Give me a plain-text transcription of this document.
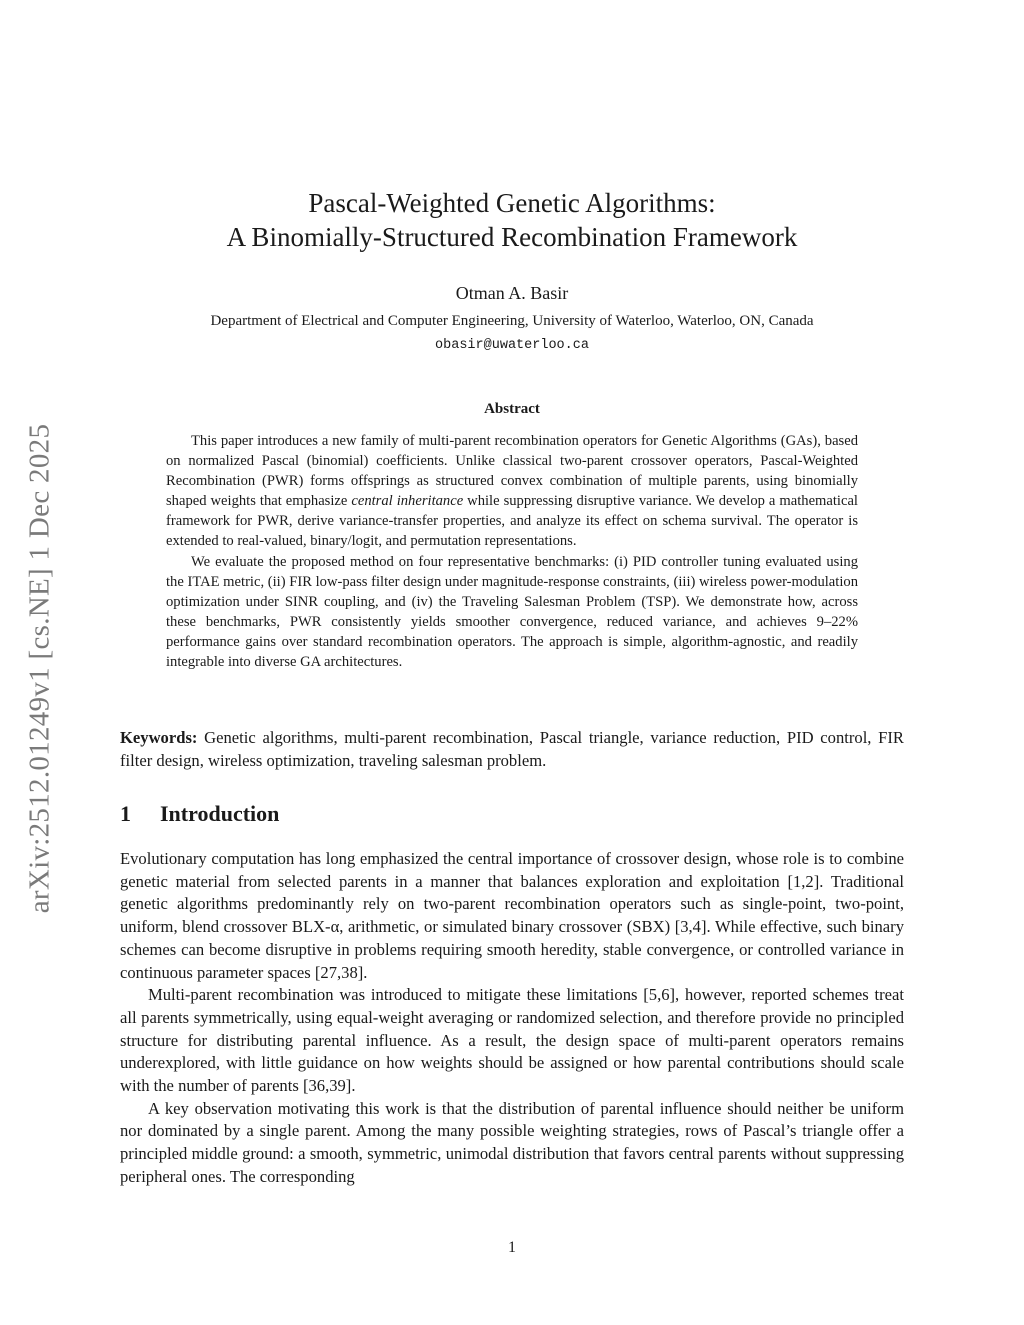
arXiv:2512.01249v1 [cs.NE] 1 Dec 2025
Pascal-Weighted Genetic Algorithms:
A Binomially-Structured Recombination Framework
Otman A. Basir
Department of Electrical and Computer Engineering, University of Waterloo, Waterloo, ON, Canada
obasir@uwaterloo.ca
Abstract

This paper introduces a new family of multi-parent recombination operators for Genetic Algorithms (GAs), based on normalized Pascal (binomial) coefficients. Unlike classical two-parent crossover operators, Pascal-Weighted Recombination (PWR) forms offsprings as structured convex combination of multiple parents, using binomially shaped weights that emphasize central inheritance while suppressing disruptive variance. We develop a mathematical framework for PWR, derive variance-transfer properties, and analyze its effect on schema survival. The operator is extended to real-valued, binary/logit, and permutation representations.

We evaluate the proposed method on four representative benchmarks: (i) PID controller tuning evaluated using the ITAE metric, (ii) FIR low-pass filter design under magnitude-response constraints, (iii) wireless power-modulation optimization under SINR coupling, and (iv) the Traveling Salesman Problem (TSP). We demonstrate how, across these benchmarks, PWR consistently yields smoother convergence, reduced variance, and achieves 9–22% performance gains over standard recombination operators. The approach is simple, algorithm-agnostic, and readily integrable into diverse GA architectures.

Keywords: Genetic algorithms, multi-parent recombination, Pascal triangle, variance reduction, PID control, FIR filter design, wireless optimization, traveling salesman problem.
1 Introduction

Evolutionary computation has long emphasized the central importance of crossover design, whose role is to combine genetic material from selected parents in a manner that balances exploration and exploitation [1,2]. Traditional genetic algorithms predominantly rely on two-parent recombination operators such as single-point, two-point, uniform, blend crossover BLX-α, arithmetic, or simulated binary crossover (SBX) [3,4]. While effective, such binary schemes can become disruptive in problems requiring smooth heredity, stable convergence, or controlled variance in continuous parameter spaces [27,38].

Multi-parent recombination was introduced to mitigate these limitations [5,6], however, reported schemes treat all parents symmetrically, using equal-weight averaging or randomized selection, and therefore provide no principled structure for distributing parental influence. As a result, the design space of multi-parent operators remains underexplored, with little guidance on how weights should be assigned or how parental contributions should scale with the number of parents [36,39].

A key observation motivating this work is that the distribution of parental influence should neither be uniform nor dominated by a single parent. Among the many possible weighting strategies, rows of Pascal’s triangle offer a principled middle ground: a smooth, symmetric, unimodal distribution that favors central parents without suppressing peripheral ones. The corresponding

1
